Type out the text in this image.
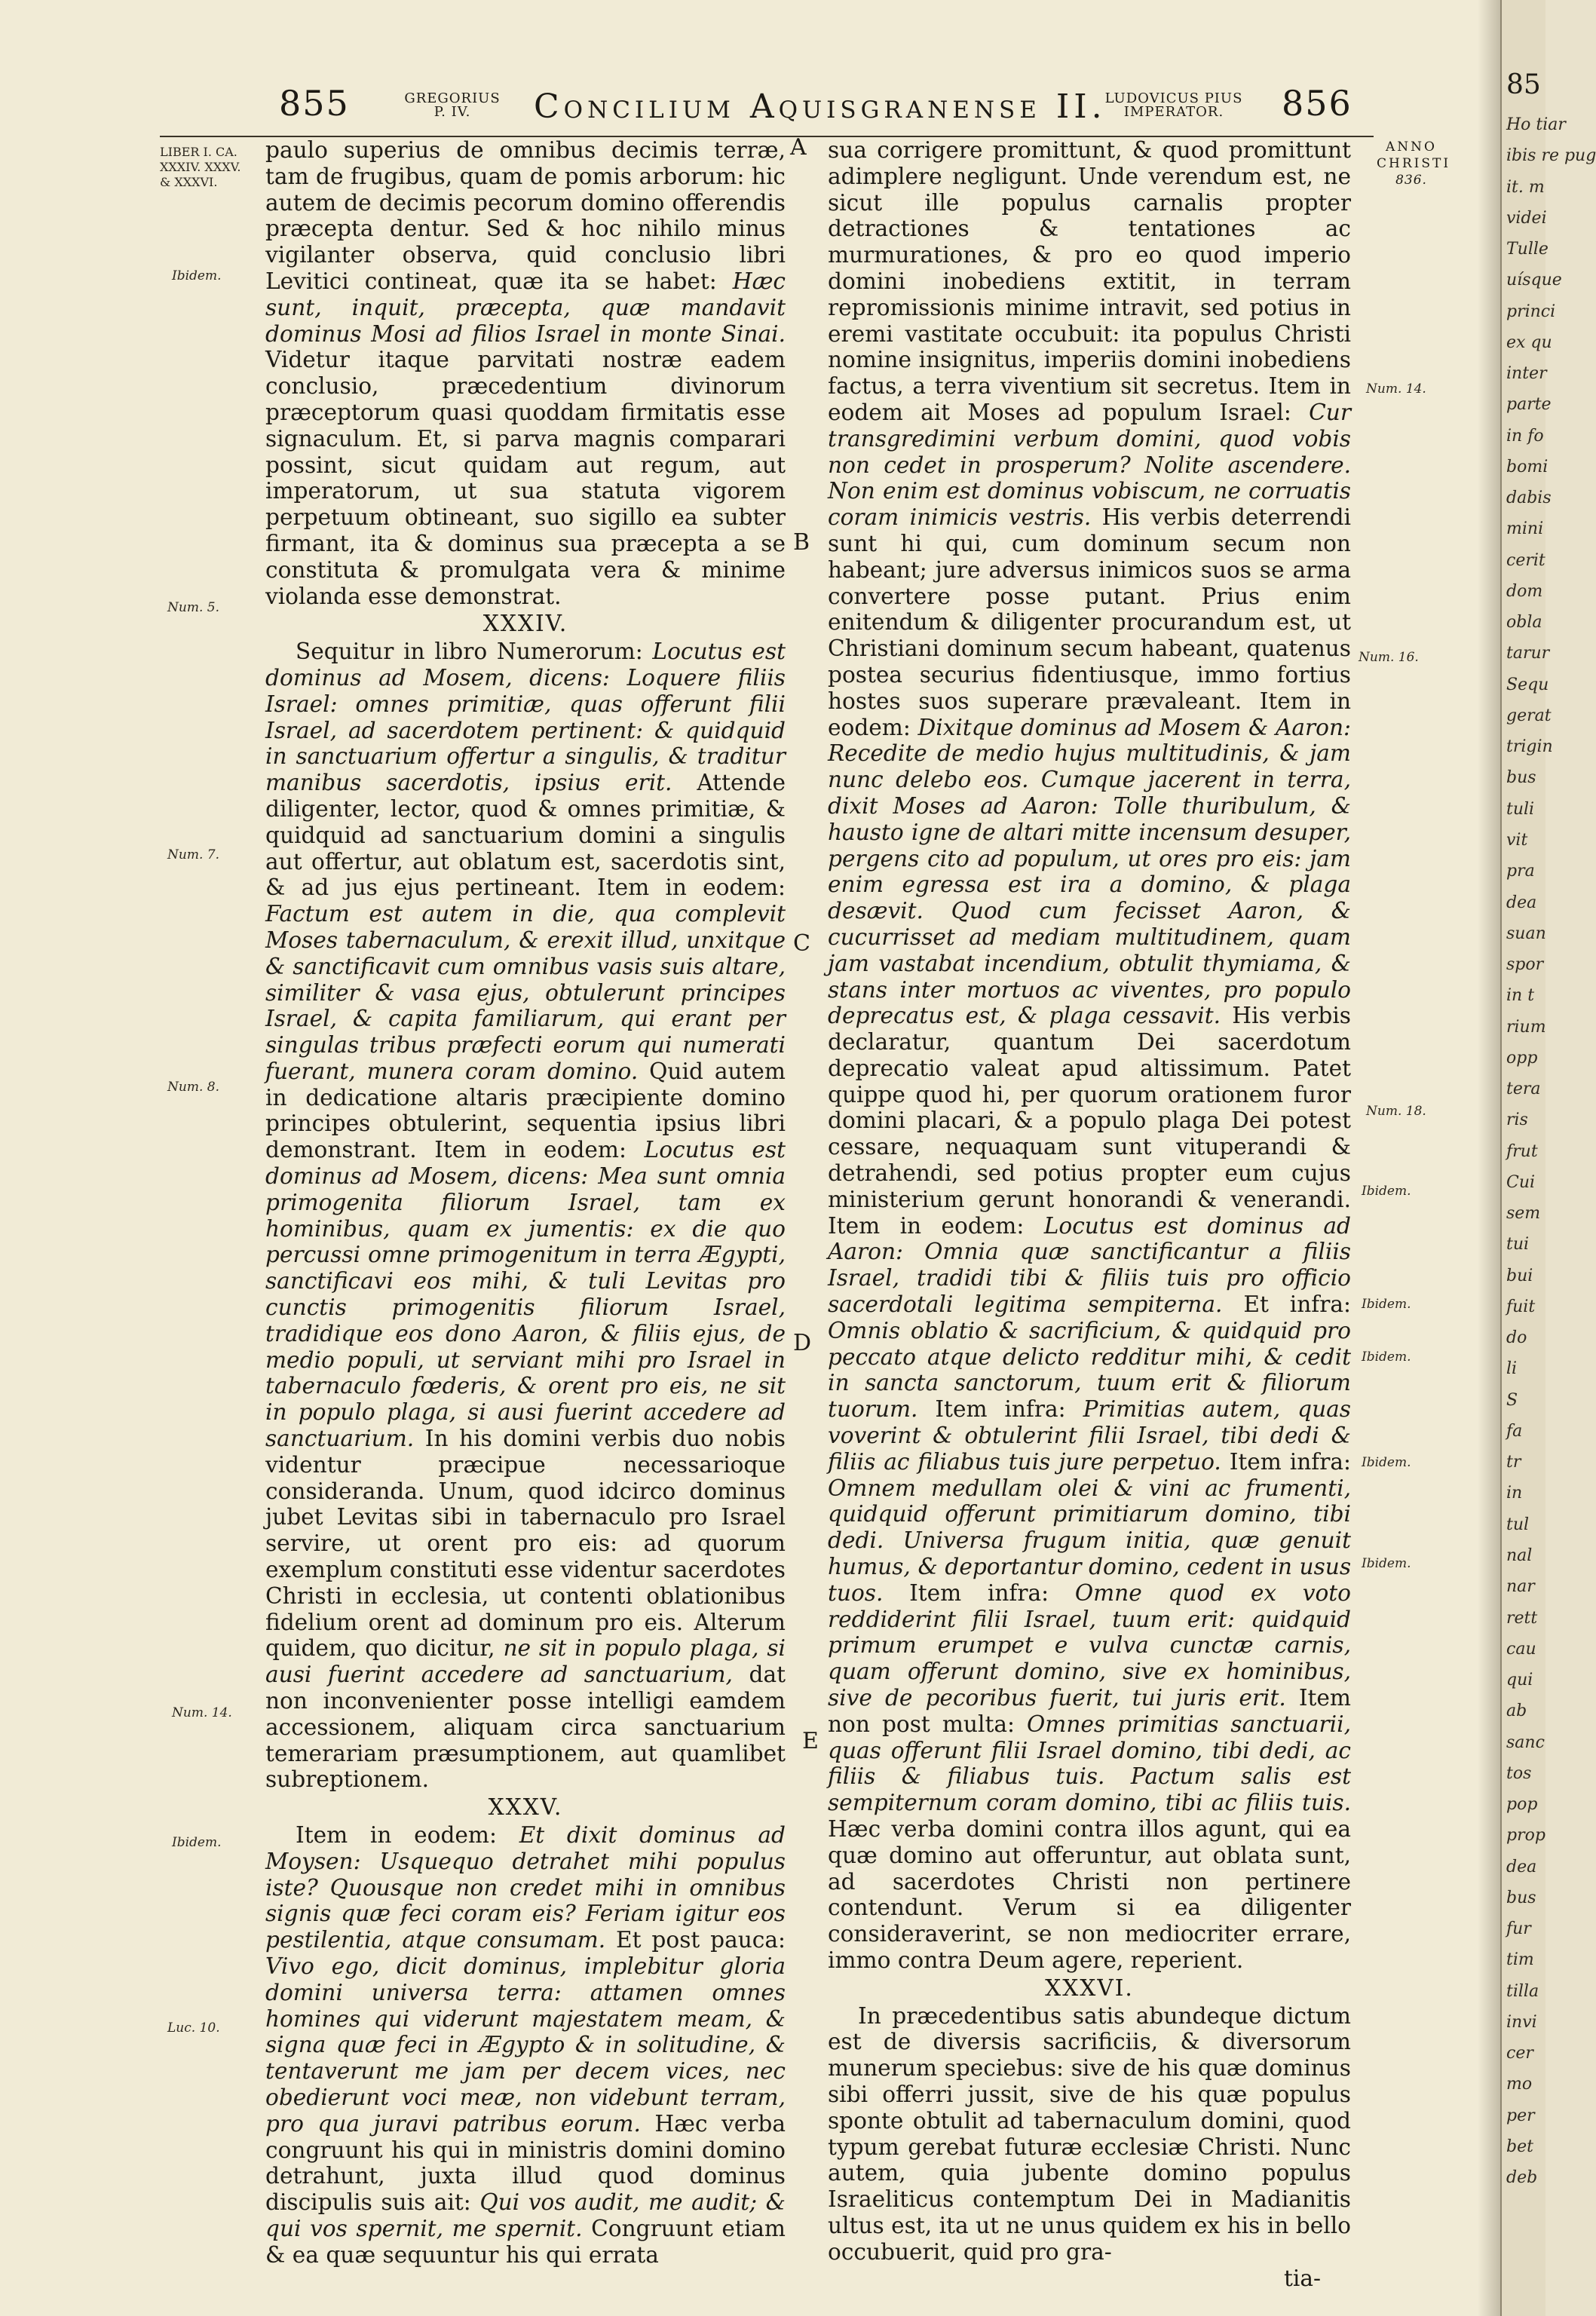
855	GREGORIUS
P. IV.	Concilium Aquisgranense II.
LUDOVICUS PIUS
IMPERATOR.	856
ANNO
CHRISTI
836.
LIBER I. CA. XXXIV. XXXV. & XXXVI.
Ibidem.
Num. 5.
Num. 7.
Num. 8.
Num. 14.
Ibidem.
Luc. 10.
Num. 14.
Num. 16.
Num. 18.
Ibidem.
Ibidem.
Ibidem.
Ibidem.
Ibidem.
A
B
C
D
E

paulo superius de omnibus decimis terræ, tam de frugibus, quam de pomis arborum: hic autem de decimis pecorum domino offerendis præcepta dentur. Sed & hoc nihilo minus vigilanter observa, quid conclusio libri Levitici contineat, quæ ita se habet: Hæc sunt, inquit, præcepta, quæ mandavit dominus Mosi ad filios Israel in monte Sinai. Videtur itaque parvitati nostræ eadem conclusio, præcedentium divinorum præceptorum quasi quoddam firmitatis esse signaculum. Et, si parva magnis comparari possint, sicut quidam aut regum, aut imperatorum, ut sua statuta vigorem perpetuum obtineant, suo sigillo ea subter firmant, ita & dominus sua præcepta a se constituta & promulgata vera & minime violanda esse demonstrat.

XXXIV.

Sequitur in libro Numerorum: Locutus est dominus ad Mosem, dicens: Loquere filiis Israel: omnes primitiæ, quas offerunt filii Israel, ad sacerdotem pertinent: & quidquid in sanctuarium offertur a singulis, & traditur manibus sacerdotis, ipsius erit. Attende diligenter, lector, quod & omnes primitiæ, & quidquid ad sanctuarium domini a singulis aut offertur, aut oblatum est, sacerdotis sint, & ad jus ejus pertineant. Item in eodem: Factum est autem in die, qua complevit Moses tabernaculum, & erexit illud, unxitque & sanctificavit cum omnibus vasis suis altare, similiter & vasa ejus, obtulerunt principes Israel, & capita familiarum, qui erant per singulas tribus præfecti eorum qui numerati fuerant, munera coram domino. Quid autem in dedicatione altaris præcipiente domino principes obtulerint, sequentia ipsius libri demonstrant. Item in eodem: Locutus est dominus ad Mosem, dicens: Mea sunt omnia primogenita filiorum Israel, tam ex hominibus, quam ex jumentis: ex die quo percussi omne primogenitum in terra Ægypti, sanctificavi eos mihi, & tuli Levitas pro cunctis primogenitis filiorum Israel, tradidique eos dono Aaron, & filiis ejus, de medio populi, ut serviant mihi pro Israel in tabernaculo fœderis, & orent pro eis, ne sit in populo plaga, si ausi fuerint accedere ad sanctuarium. In his domini verbis duo nobis videntur præcipue necessarioque consideranda. Unum, quod idcirco dominus jubet Levitas sibi in tabernaculo pro Israel servire, ut orent pro eis: ad quorum exemplum constituti esse videntur sacerdotes Christi in ecclesia, ut contenti oblationibus fidelium orent ad dominum pro eis. Alterum quidem, quo dicitur, ne sit in populo plaga, si ausi fuerint accedere ad sanctuarium, dat non inconvenienter posse intelligi eamdem accessionem, aliquam circa sanctuarium temerariam præsumptionem, aut quamlibet subreptionem.

XXXV.

Item in eodem: Et dixit dominus ad Moysen: Usquequo detrahet mihi populus iste? Quousque non credet mihi in omnibus signis quæ feci coram eis? Feriam igitur eos pestilentia, atque consumam. Et post pauca: Vivo ego, dicit dominus, implebitur gloria domini universa terra: attamen omnes homines qui viderunt majestatem meam, & signa quæ feci in Ægypto & in solitudine, & tentaverunt me jam per decem vices, nec obedierunt voci meæ, non videbunt terram, pro qua juravi patribus eorum. Hæc verba congruunt his qui in ministris domini domino detrahunt, juxta illud quod dominus discipulis suis ait: Qui vos audit, me audit; & qui vos spernit, me spernit. Congruunt etiam & ea quæ sequuntur his qui errata

sua corrigere promittunt, & quod promittunt adimplere negligunt. Unde verendum est, ne sicut ille populus carnalis propter detractiones & tentationes ac murmurationes, & pro eo quod imperio domini inobediens extitit, in terram repromissionis minime intravit, sed potius in eremi vastitate occubuit: ita populus Christi nomine insignitus, imperiis domini inobediens factus, a terra viventium sit secretus. Item in eodem ait Moses ad populum Israel: Cur transgredimini verbum domini, quod vobis non cedet in prosperum? Nolite ascendere. Non enim est dominus vobiscum, ne corruatis coram inimicis vestris. His verbis deterrendi sunt hi qui, cum dominum secum non habeant; jure adversus inimicos suos se arma convertere posse putant. Prius enim enitendum & diligenter procurandum est, ut Christiani dominum secum habeant, quatenus postea securius fidentiusque, immo fortius hostes suos superare prævaleant. Item in eodem: Dixitque dominus ad Mosem & Aaron: Recedite de medio hujus multitudinis, & jam nunc delebo eos. Cumque jacerent in terra, dixit Moses ad Aaron: Tolle thuribulum, & hausto igne de altari mitte incensum desuper, pergens cito ad populum, ut ores pro eis: jam enim egressa est ira a domino, & plaga desævit. Quod cum fecisset Aaron, & cucurrisset ad mediam multitudinem, quam jam vastabat incendium, obtulit thymiama, & stans inter mortuos ac viventes, pro populo deprecatus est, & plaga cessavit. His verbis declaratur, quantum Dei sacerdotum deprecatio valeat apud altissimum. Patet quippe quod hi, per quorum orationem furor domini placari, & a populo plaga Dei potest cessare, nequaquam sunt vituperandi & detrahendi, sed potius propter eum cujus ministerium gerunt honorandi & venerandi. Item in eodem: Locutus est dominus ad Aaron: Omnia quæ sanctificantur a filiis Israel, tradidi tibi & filiis tuis pro officio sacerdotali legitima sempiterna. Et infra: Omnis oblatio & sacrificium, & quidquid pro peccato atque delicto redditur mihi, & cedit in sancta sanctorum, tuum erit & filiorum tuorum. Item infra: Primitias autem, quas voverint & obtulerint filii Israel, tibi dedi & filiis ac filiabus tuis jure perpetuo. Item infra: Omnem medullam olei & vini ac frumenti, quidquid offerunt primitiarum domino, tibi dedi. Universa frugum initia, quæ genuit humus, & deportantur domino, cedent in usus tuos. Item infra: Omne quod ex voto reddiderint filii Israel, tuum erit: quidquid primum erumpet e vulva cunctæ carnis, quam offerunt domino, sive ex hominibus, sive de pecoribus fuerit, tui juris erit. Item non post multa: Omnes primitias sanctuarii, quas offerunt filii Israel domino, tibi dedi, ac filiis & filiabus tuis. Pactum salis est sempiternum coram domino, tibi ac filiis tuis. Hæc verba domini contra illos agunt, qui ea quæ domino aut offeruntur, aut oblata sunt, ad sacerdotes Christi non pertinere contendunt. Verum si ea diligenter consideraverint, se non mediocriter errare, immo contra Deum agere, reperient.

XXXVI.

In præcedentibus satis abundeque dictum est de diversis sacrificiis, & diversorum munerum speciebus: sive de his quæ dominus sibi offerri jussit, sive de his quæ populus sponte obtulit ad tabernaculum domini, quod typum gerebat futuræ ecclesiæ Christi. Nunc autem, quia jubente domino populus Israeliticus contemptum Dei in Madianitis ultus est, ita ut ne unus quidem ex his in bello occubuerit, quid pro gra-

tia-
85
Ho tiar
ibis re pug
it. m
videi
Tulle
uísque
princi
ex qu
inter
parte
in fo
bomi
dabis
mini
cerit
dom
obla
tarur
Sequ
gerat
trigin
bus
tuli
vit
pra
dea
suan
spor
in t
rium
opp
tera
ris
frut
Cui
sem
tui
bui
fuit
do
li
S
fa
tr
in
tul
nal
nar
rett
cau
qui
ab
sanc
tos
pop
prop
dea
bus
fur
tim
tilla
invi
cer
mo
per
bet
deb
